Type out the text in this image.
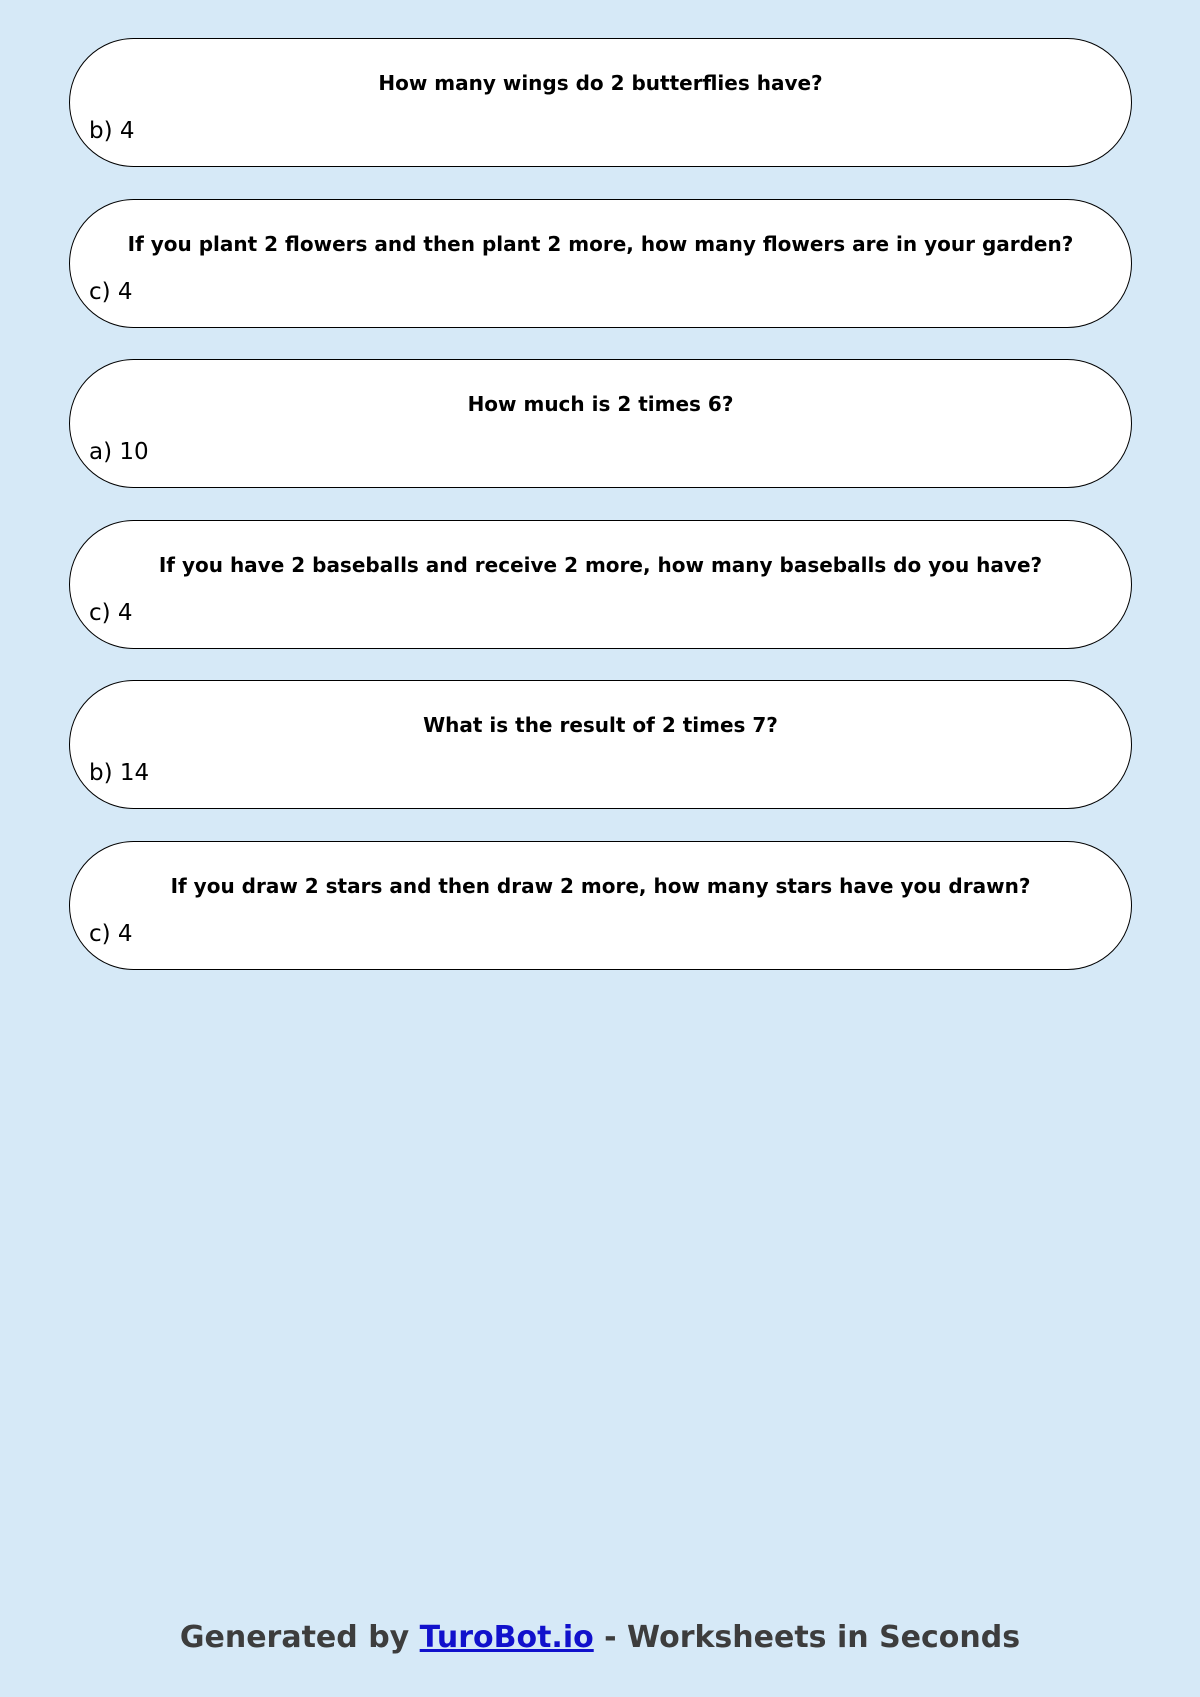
How many wings do 2 butterflies have?
b) 4
If you plant 2 flowers and then plant 2 more, how many flowers are in your garden?
c) 4
How much is 2 times 6?
a) 10
If you have 2 baseballs and receive 2 more, how many baseballs do you have?
c) 4
What is the result of 2 times 7?
b) 14
If you draw 2 stars and then draw 2 more, how many stars have you drawn?
c) 4
Generated by TuroBot.io - Worksheets in Seconds
